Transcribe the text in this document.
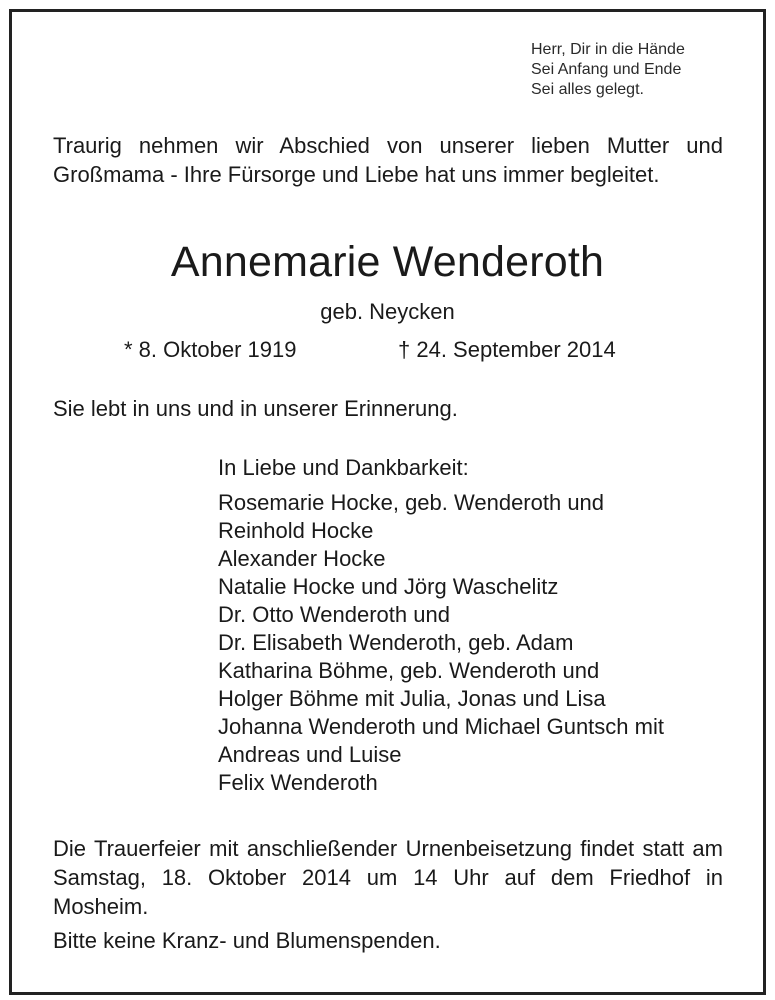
Herr, Dir in die Hände
Sei Anfang und Ende
Sei alles gelegt.

Traurig nehmen wir Abschied von unserer lieben Mutter und Großmama - Ihre Fürsorge und Liebe hat uns immer begleitet.

Annemarie Wenderoth

geb. Neycken

* 8. Oktober 1919	† 24. September 2014

Sie lebt in uns und in unserer Erinnerung.

In Liebe und Dankbarkeit:

Rosemarie Hocke, geb. Wenderoth und
Reinhold Hocke
Alexander Hocke
Natalie Hocke und Jörg Waschelitz
Dr. Otto Wenderoth und
Dr. Elisabeth Wenderoth, geb. Adam
Katharina Böhme, geb. Wenderoth und
Holger Böhme mit Julia, Jonas und Lisa
Johanna Wenderoth und Michael Guntsch mit
Andreas und Luise
Felix Wenderoth

Die Trauerfeier mit anschließender Urnenbeisetzung findet statt am Samstag, 18. Oktober 2014 um 14 Uhr auf dem Friedhof in Mosheim.

Bitte keine Kranz- und Blumenspenden.
